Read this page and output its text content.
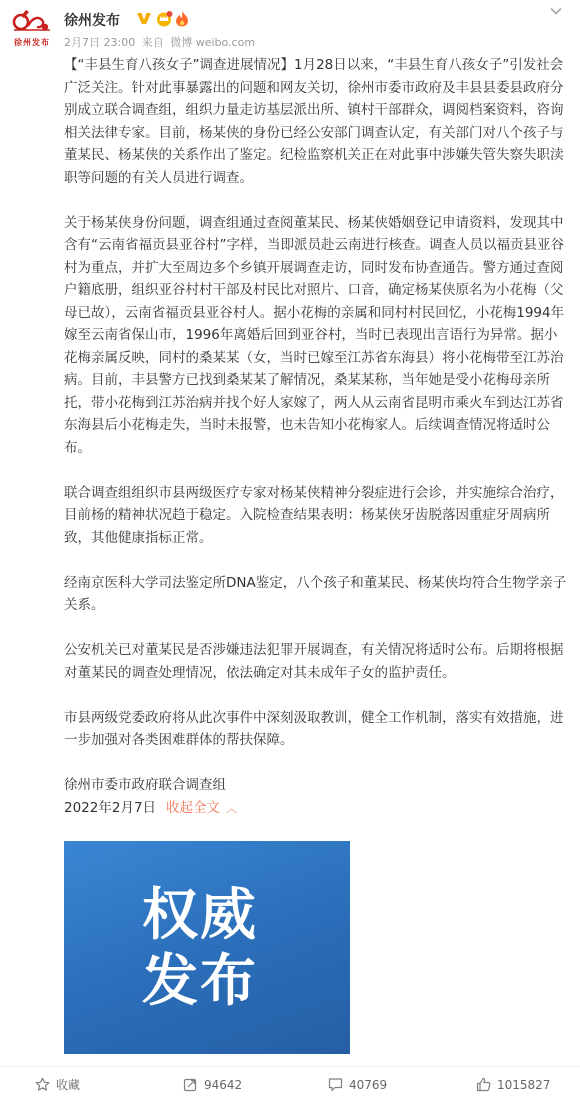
徐州发布
徐州发布
2月7日 23:00 来自 微博 weibo.com

【“丰县生育八孩女子”调查进展情况】1月28日以来，“丰县生育八孩女子”引发社会广泛关注。针对此事暴露出的问题和网友关切，徐州市委市政府及丰县县委县政府分别成立联合调查组，组织力量走访基层派出所、镇村干部群众，调阅档案资料，咨询相关法律专家。目前，杨某侠的身份已经公安部门调查认定，有关部门对八个孩子与董某民、杨某侠的关系作出了鉴定。纪检监察机关正在对此事中涉嫌失管失察失职渎职等问题的有关人员进行调查。

关于杨某侠身份问题，调查组通过查阅董某民、杨某侠婚姻登记申请资料，发现其中含有“云南省福贡县亚谷村”字样，当即派员赴云南进行核查。调查人员以福贡县亚谷村为重点，并扩大至周边多个乡镇开展调查走访，同时发布协查通告。警方通过查阅户籍底册，组织亚谷村村干部及村民比对照片、口音，确定杨某侠原名为小花梅（父母已故），云南省福贡县亚谷村人。据小花梅的亲属和同村村民回忆，小花梅1994年嫁至云南省保山市，1996年离婚后回到亚谷村，当时已表现出言语行为异常。据小花梅亲属反映，同村的桑某某（女，当时已嫁至江苏省东海县）将小花梅带至江苏治病。目前，丰县警方已找到桑某某了解情况，桑某某称，当年她是受小花梅母亲所托，带小花梅到江苏治病并找个好人家嫁了，两人从云南省昆明市乘火车到达江苏省东海县后小花梅走失，当时未报警，也未告知小花梅家人。后续调查情况将适时公布。

联合调查组组织市县两级医疗专家对杨某侠精神分裂症进行会诊，并实施综合治疗，目前杨的精神状况趋于稳定。入院检查结果表明：杨某侠牙齿脱落因重症牙周病所致，其他健康指标正常。

经南京医科大学司法鉴定所DNA鉴定，八个孩子和董某民、杨某侠均符合生物学亲子关系。

公安机关已对董某民是否涉嫌违法犯罪开展调查，有关情况将适时公布。后期将根据对董某民的调查处理情况，依法确定对其未成年子女的监护责任。

市县两级党委政府将从此次事件中深刻汲取教训，健全工作机制，落实有效措施，进一步加强对各类困难群体的帮扶保障。

徐州市委市政府联合调查组

2022年2月7日 收起全文 ︿

权威
发布
收藏	94642	40769	1015827
